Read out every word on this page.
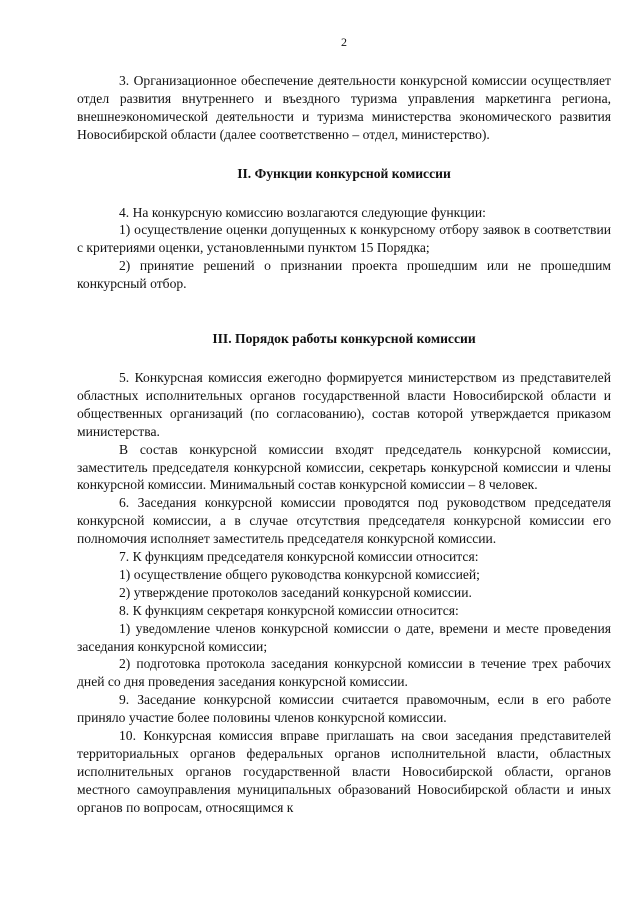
2

3. Организационное обеспечение деятельности конкурсной комиссии осуществляет отдел развития внутреннего и въездного туризма управления маркетинга региона, внешнеэкономической деятельности и туризма министерства экономического развития Новосибирской области (далее соответственно – отдел, министерство).

II. Функции конкурсной комиссии

4. На конкурсную комиссию возлагаются следующие функции:

1) осуществление оценки допущенных к конкурсному отбору заявок в соответствии с критериями оценки, установленными пунктом 15 Порядка;

2) принятие решений о признании проекта прошедшим или не прошедшим конкурсный отбор.

III. Порядок работы конкурсной комиссии

5. Конкурсная комиссия ежегодно формируется министерством из представителей областных исполнительных органов государственной власти Новосибирской области и общественных организаций (по согласованию), состав которой утверждается приказом министерства.

В состав конкурсной комиссии входят председатель конкурсной комиссии, заместитель председателя конкурсной комиссии, секретарь конкурсной комиссии и члены конкурсной комиссии. Минимальный состав конкурсной комиссии – 8 человек.

6. Заседания конкурсной комиссии проводятся под руководством председателя конкурсной комиссии, а в случае отсутствия председателя конкурсной комиссии его полномочия исполняет заместитель председателя конкурсной комиссии.

7. К функциям председателя конкурсной комиссии относится:

1) осуществление общего руководства конкурсной комиссией;

2) утверждение протоколов заседаний конкурсной комиссии.

8. К функциям секретаря конкурсной комиссии относится:

1) уведомление членов конкурсной комиссии о дате, времени и месте проведения заседания конкурсной комиссии;

2) подготовка протокола заседания конкурсной комиссии в течение трех рабочих дней со дня проведения заседания конкурсной комиссии.

9. Заседание конкурсной комиссии считается правомочным, если в его работе приняло участие более половины членов конкурсной комиссии.

10. Конкурсная комиссия вправе приглашать на свои заседания представителей территориальных органов федеральных органов исполнительной власти, областных исполнительных органов государственной власти Новосибирской области, органов местного самоуправления муниципальных образований Новосибирской области и иных органов по вопросам, относящимся к
